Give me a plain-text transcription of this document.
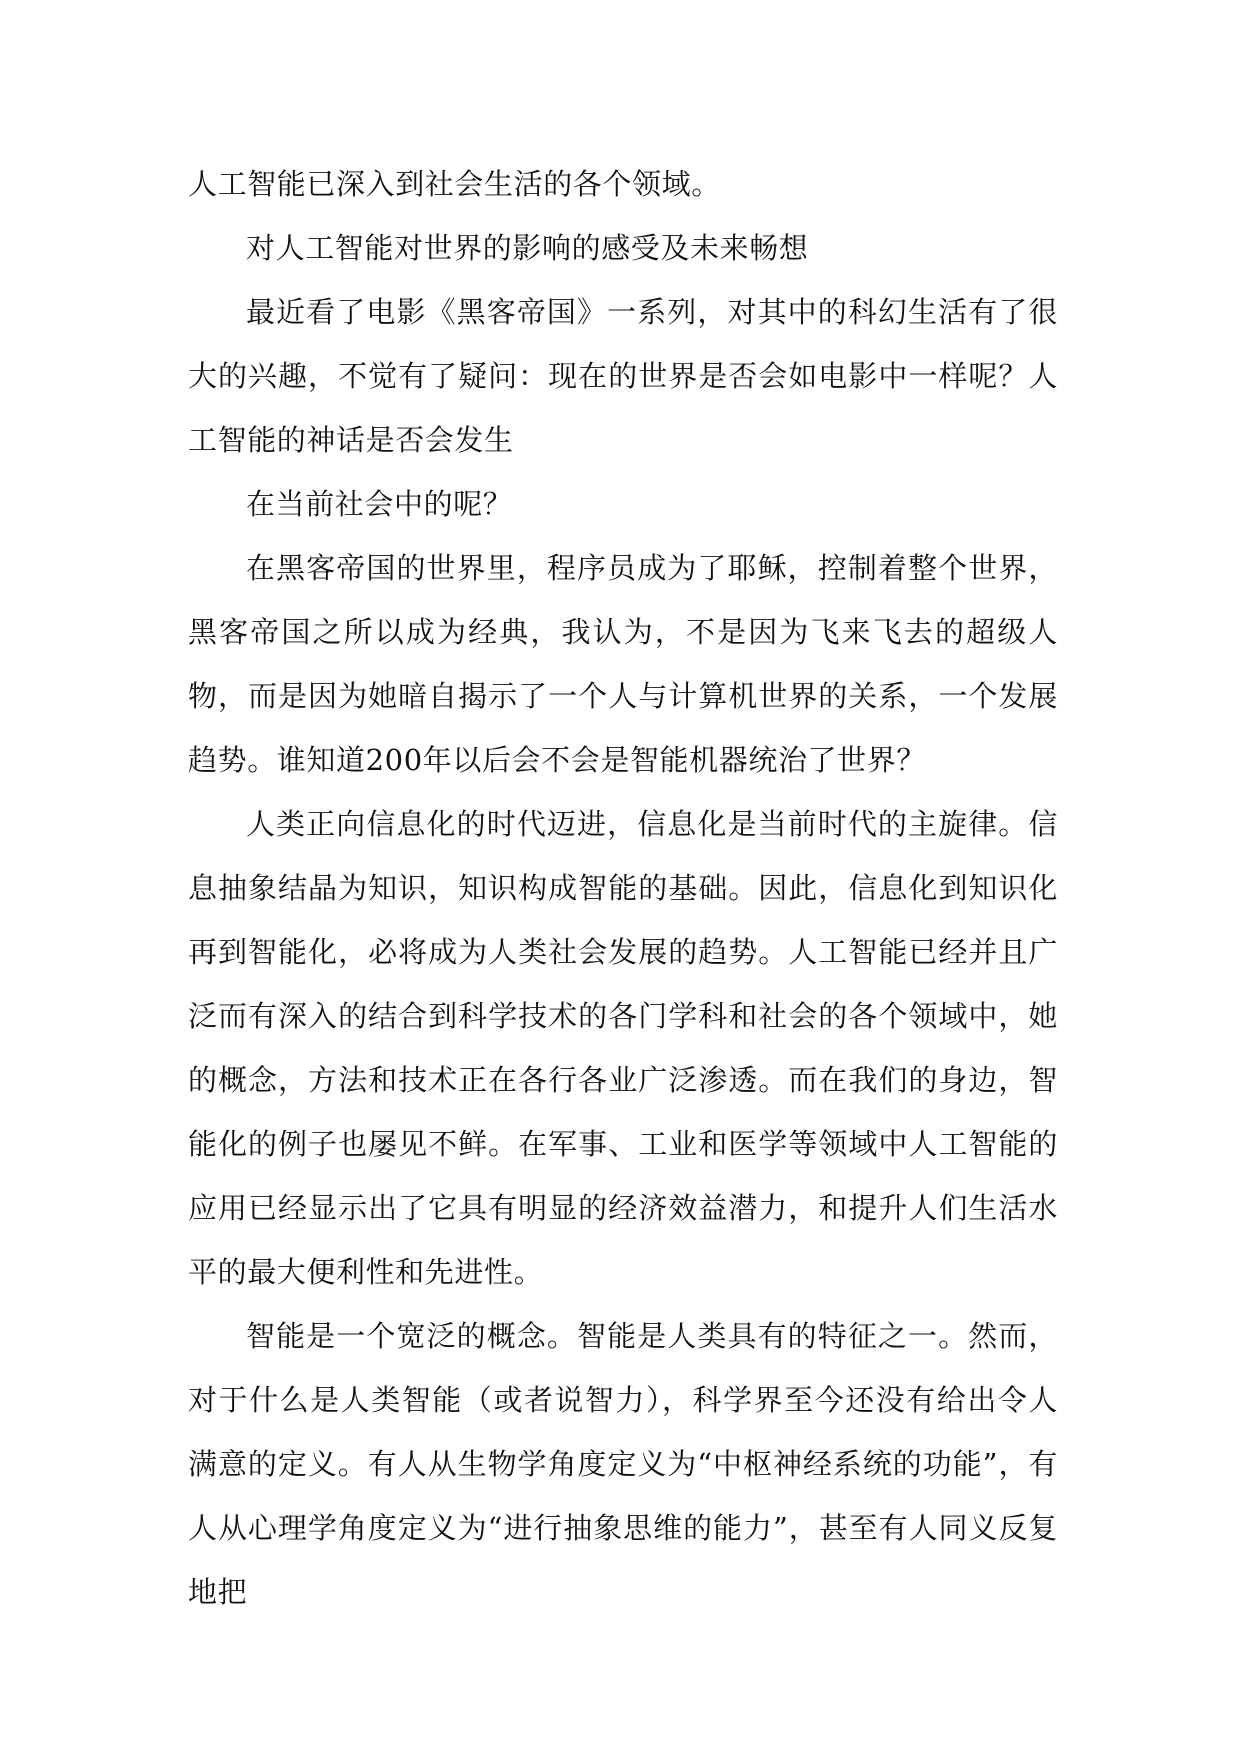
人工智能已深入到社会生活的各个领域。

对人工智能对世界的影响的感受及未来畅想

最近看了电影《黑客帝国》一系列，对其中的科幻生活有了很大的兴趣，不觉有了疑问：现在的世界是否会如电影中一样呢？人工智能的神话是否会发生

在当前社会中的呢？

在黑客帝国的世界里，程序员成为了耶稣，控制着整个世界，黑客帝国之所以成为经典，我认为，不是因为飞来飞去的超级人物，而是因为她暗自揭示了一个人与计算机世界的关系，一个发展趋势。谁知道200年以后会不会是智能机器统治了世界？

人类正向信息化的时代迈进，信息化是当前时代的主旋律。信息抽象结晶为知识，知识构成智能的基础。因此，信息化到知识化再到智能化，必将成为人类社会发展的趋势。人工智能已经并且广泛而有深入的结合到科学技术的各门学科和社会的各个领域中，她的概念，方法和技术正在各行各业广泛渗透。而在我们的身边，智能化的例子也屡见不鲜。在军事、工业和医学等领域中人工智能的应用已经显示出了它具有明显的经济效益潜力，和提升人们生活水平的最大便利性和先进性。

智能是一个宽泛的概念。智能是人类具有的特征之一。然而，对于什么是人类智能（或者说智力），科学界至今还没有给出令人满意的定义。有人从生物学角度定义为“中枢神经系统的功能”，有人从心理学角度定义为“进行抽象思维的能力”，甚至有人同义反复地把
